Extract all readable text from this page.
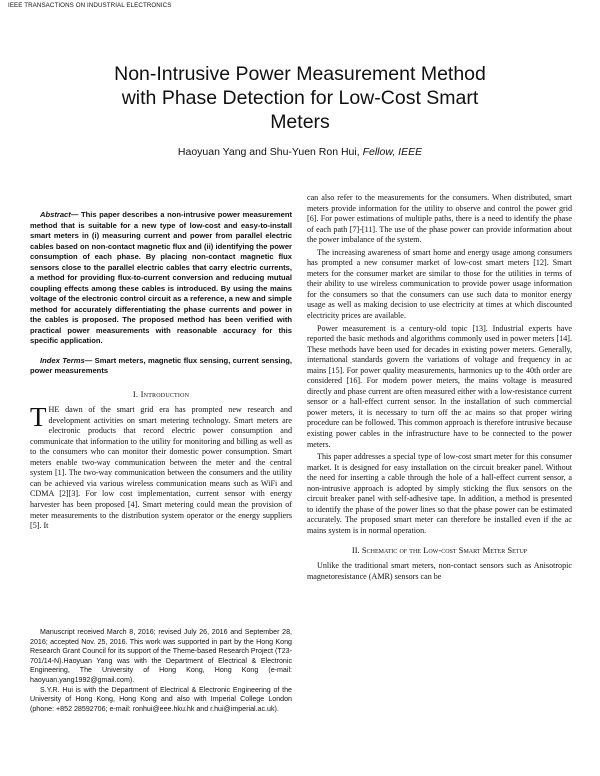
IEEE TRANSACTIONS ON INDUSTRIAL ELECTRONICS
Non-Intrusive Power Measurement Method with Phase Detection for Low-Cost Smart Meters
Haoyuan Yang and Shu-Yuen Ron Hui, Fellow, IEEE

Abstract— This paper describes a non-intrusive power measurement method that is suitable for a new type of low-cost and easy-to-install smart meters in (i) measuring current and power from parallel electric cables based on non-contact magnetic flux and (ii) identifying the power consumption of each phase. By placing non-contact magnetic flux sensors close to the parallel electric cables that carry electric currents, a method for providing flux-to-current conversion and reducing mutual coupling effects among these cables is introduced. By using the mains voltage of the electronic control circuit as a reference, a new and simple method for accurately differentiating the phase currents and power in the cables is proposed. The proposed method has been verified with practical power measurements with reasonable accuracy for this specific application.

Index Terms— Smart meters, magnetic flux sensing, current sensing, power measurements

I. Introduction

THE dawn of the smart grid era has prompted new research and development activities on smart metering technology. Smart meters are electronic products that record electric power consumption and communicate that information to the utility for monitoring and billing as well as to the consumers who can monitor their domestic power consumption. Smart meters enable two-way communication between the meter and the central system [1]. The two-way communication between the consumers and the utility can be achieved via various wireless communication means such as WiFi and CDMA [2][3]. For low cost implementation, current sensor with energy harvester has been proposed [4]. Smart metering could mean the provision of meter measurements to the distribution system operator or the energy suppliers [5]. It

Manuscript received March 8, 2016; revised July 26, 2016 and September 28, 2016; accepted Nov. 25, 2016. This work was supported in part by the Hong Kong Research Grant Council for its support of the Theme-based Research Project (T23-701/14-N).Haoyuan Yang was with the Department of Electrical & Electronic Engineering, The University of Hong Kong, Hong Kong (e-mail: haoyuan.yang1992@gmail.com).

S.Y.R. Hui is with the Department of Electrical & Electronic Engineering of the University of Hong Kong, Hong Kong and also with Imperial College London (phone: +852 28592706; e-mail: ronhui@eee.hku.hk and r.hui@imperial.ac.uk).

can also refer to the measurements for the consumers. When distributed, smart meters provide information for the utility to observe and control the power grid [6]. For power estimations of multiple paths, there is a need to identify the phase of each path [7]-[11]. The use of the phase power can provide information about the power imbalance of the system.

The increasing awareness of smart home and energy usage among consumers has prompted a new consumer market of low-cost smart meters [12]. Smart meters for the consumer market are similar to those for the utilities in terms of their ability to use wireless communication to provide power usage information for the consumers so that the consumers can use such data to monitor energy usage as well as making decision to use electricity at times at which discounted electricity prices are available.

Power measurement is a century-old topic [13]. Industrial experts have reported the basic methods and algorithms commonly used in power meters [14]. These methods have been used for decades in existing power meters. Generally, international standards govern the variations of voltage and frequency in ac mains [15]. For power quality measurements, harmonics up to the 40th order are considered [16]. For modern power meters, the mains voltage is measured directly and phase current are often measured either with a low-resistance current sensor or a hall-effect current sensor. In the installation of such commercial power meters, it is necessary to turn off the ac mains so that proper wiring procedure can be followed. This common approach is therefore intrusive because existing power cables in the infrastructure have to be connected to the power meters.

This paper addresses a special type of low-cost smart meter for this consumer market. It is designed for easy installation on the circuit breaker panel. Without the need for inserting a cable through the hole of a hall-effect current sensor, a non-intrusive approach is adopted by simply sticking the flux sensors on the circuit breaker panel with self-adhesive tape. In addition, a method is presented to identify the phase of the power lines so that the phase power can be estimated accurately. The proposed smart meter can therefore be installed even if the ac mains system is in normal operation.

II. Schematic of the Low-cost Smart Meter Setup

Unlike the traditional smart meters, non-contact sensors such as Anisotropic magnetoresistance (AMR) sensors can be
